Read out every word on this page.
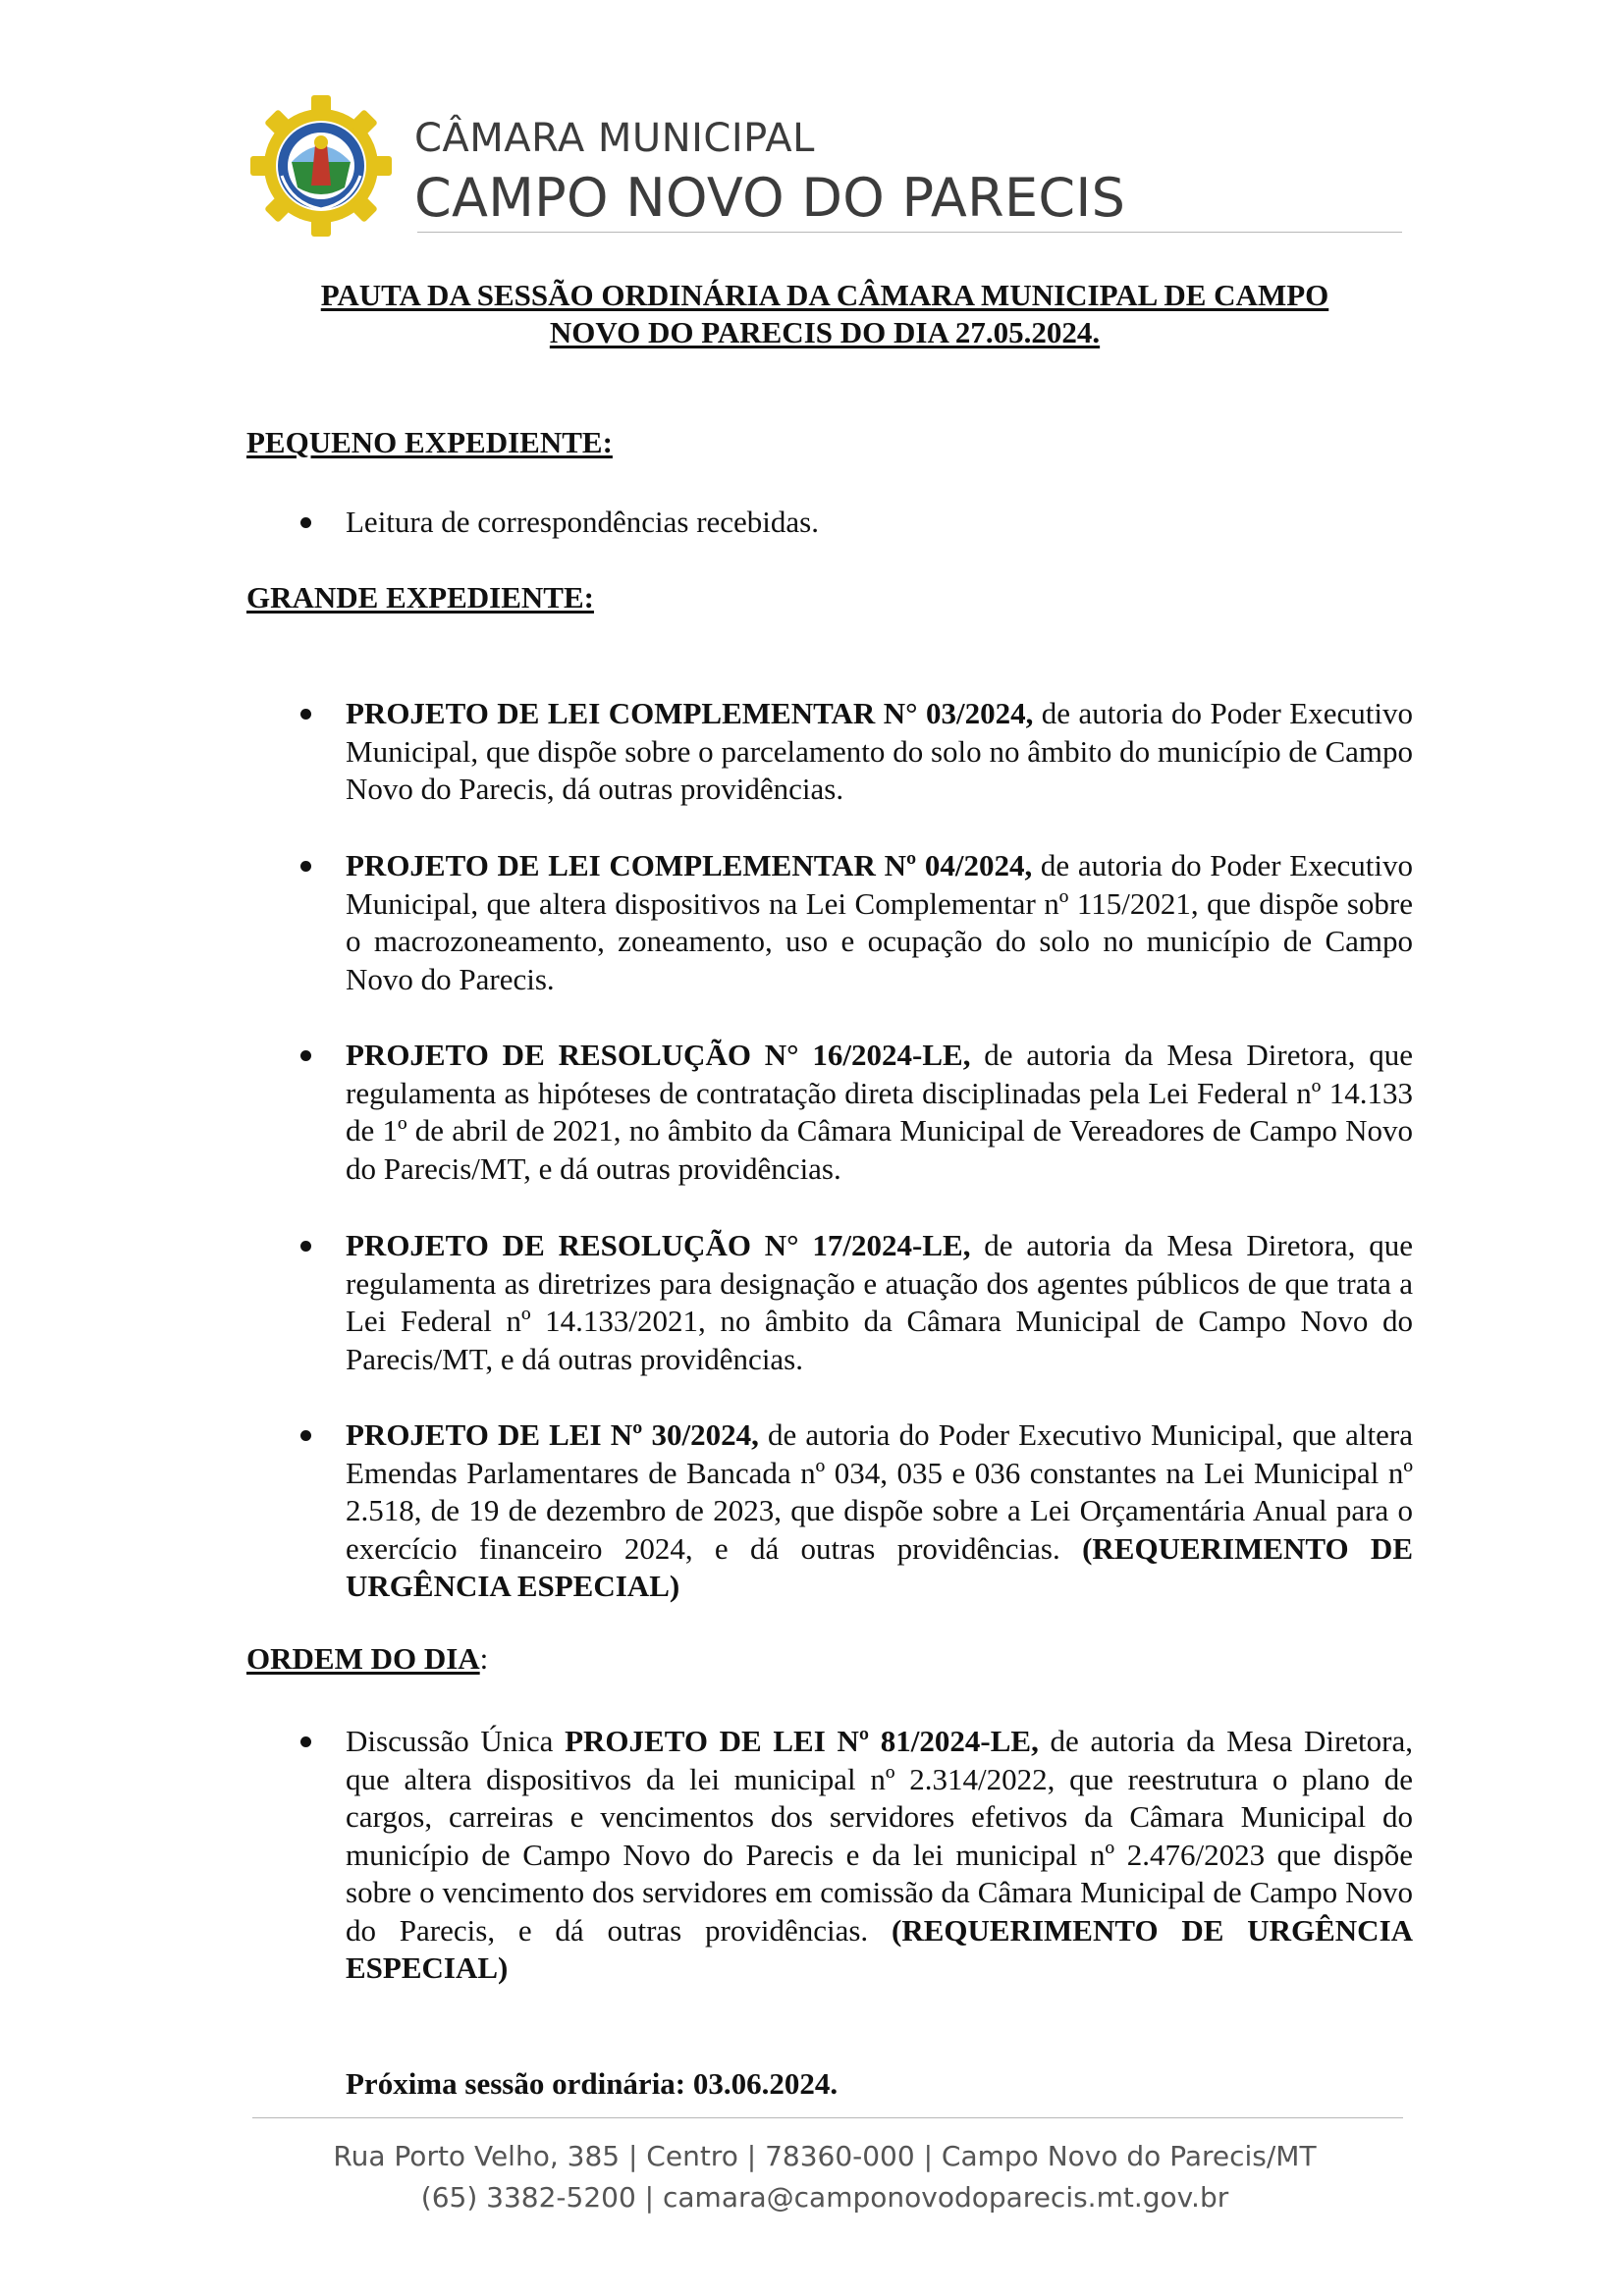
CÂMARA MUNICIPAL
CAMPO NOVO DO PARECIS
PAUTA DA SESSÃO ORDINÁRIA DA CÂMARA MUNICIPAL DE CAMPO
NOVO DO PARECIS DO DIA 27.05.2024.
PEQUENO EXPEDIENTE:
Leitura de correspondências recebidas.
GRANDE EXPEDIENTE:
PROJETO DE LEI COMPLEMENTAR N° 03/2024, de autoria do Poder Executivo Municipal, que dispõe sobre o parcelamento do solo no âmbito do município de Campo Novo do Parecis, dá outras providências.
PROJETO DE LEI COMPLEMENTAR Nº 04/2024, de autoria do Poder Executivo Municipal, que altera dispositivos na Lei Complementar nº 115/2021, que dispõe sobre o macrozoneamento, zoneamento, uso e ocupação do solo no município de Campo Novo do Parecis.
PROJETO DE RESOLUÇÃO N° 16/2024-LE, de autoria da Mesa Diretora, que regulamenta as hipóteses de contratação direta disciplinadas pela Lei Federal nº 14.133 de 1º de abril de 2021, no âmbito da Câmara Municipal de Vereadores de Campo Novo do Parecis/MT, e dá outras providências.
PROJETO DE RESOLUÇÃO N° 17/2024-LE, de autoria da Mesa Diretora, que regulamenta as diretrizes para designação e atuação dos agentes públicos de que trata a Lei Federal nº 14.133/2021, no âmbito da Câmara Municipal de Campo Novo do Parecis/MT, e dá outras providências.
PROJETO DE LEI Nº 30/2024, de autoria do Poder Executivo Municipal, que altera Emendas Parlamentares de Bancada nº 034, 035 e 036 constantes na Lei Municipal nº 2.518, de 19 de dezembro de 2023, que dispõe sobre a Lei Orçamentária Anual para o exercício financeiro 2024, e dá outras providências. (REQUERIMENTO DE URGÊNCIA ESPECIAL)
ORDEM DO DIA:
Discussão Única PROJETO DE LEI Nº 81/2024-LE, de autoria da Mesa Diretora, que altera dispositivos da lei municipal nº 2.314/2022, que reestrutura o plano de cargos, carreiras e vencimentos dos servidores efetivos da Câmara Municipal do município de Campo Novo do Parecis e da lei municipal nº 2.476/2023 que dispõe sobre o vencimento dos servidores em comissão da Câmara Municipal de Campo Novo do Parecis, e dá outras providências. (REQUERIMENTO DE URGÊNCIA ESPECIAL)
Próxima sessão ordinária: 03.06.2024.
Rua Porto Velho, 385 | Centro | 78360-000 | Campo Novo do Parecis/MT
(65) 3382-5200 | camara@camponovodoparecis.mt.gov.br
